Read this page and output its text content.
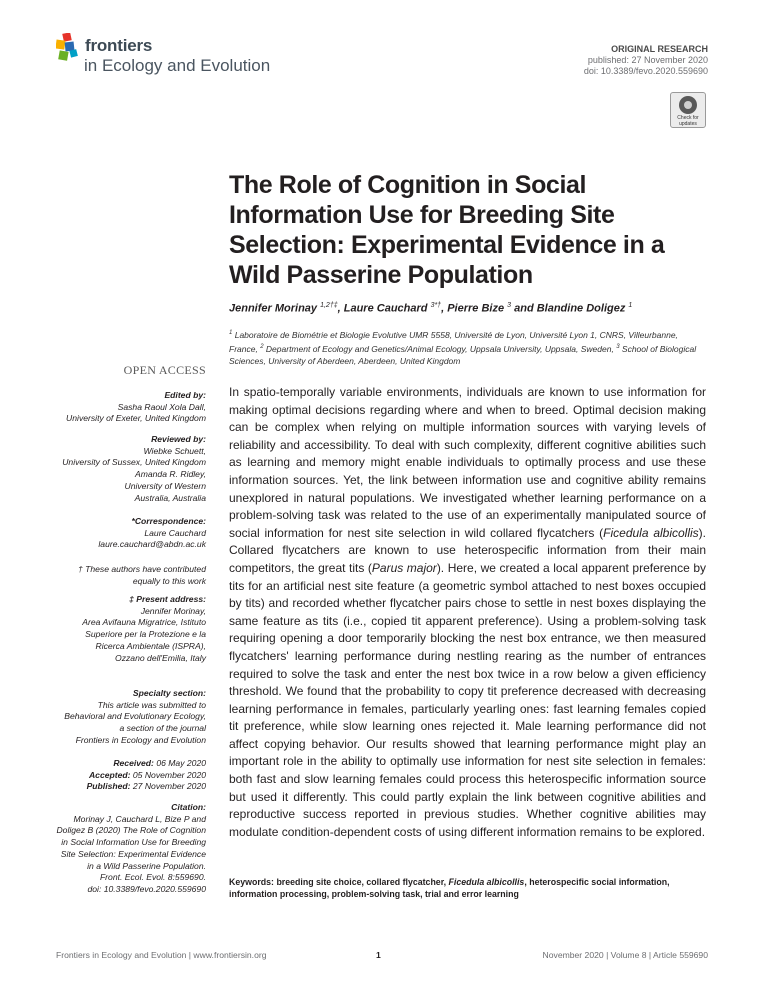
frontiers
in Ecology and Evolution
ORIGINAL RESEARCH
published: 27 November 2020
doi: 10.3389/fevo.2020.559690
Check for updates
The Role of Cognition in Social Information Use for Breeding Site Selection: Experimental Evidence in a Wild Passerine Population
Jennifer Morinay $^{1,2\dagger\ddagger}$, Laure Cauchard $^{3*\dagger}$, Pierre Bize $^3$ and Blandine Doligez $^1$
$^1$ Laboratoire de Biométrie et Biologie Evolutive UMR 5558, Université de Lyon, Université Lyon 1, CNRS, Villeurbanne, France, $^2$ Department of Ecology and Genetics/Animal Ecology, Uppsala University, Uppsala, Sweden, $^3$ School of Biological Sciences, University of Aberdeen, Aberdeen, United Kingdom
OPEN ACCESS
Edited by:
Sasha Raoul Xola Dall,
University of Exeter, United Kingdom
Reviewed by:
Wiebke Schuett,
University of Sussex, United Kingdom
Amanda R. Ridley,
University of Western
Australia, Australia
*Correspondence:
Laure Cauchard
laure.cauchard@abdn.ac.uk
† These authors have contributed
equally to this work
‡ Present address:
Jennifer Morinay,
Area Avifauna Migratrice, Istituto
Superiore per la Protezione e la
Ricerca Ambientale (ISPRA),
Ozzano dell'Emilia, Italy
Specialty section:
This article was submitted to
Behavioral and Evolutionary Ecology,
a section of the journal
Frontiers in Ecology and Evolution
Received: 06 May 2020
Accepted: 05 November 2020
Published: 27 November 2020
Citation:
Morinay J, Cauchard L, Bize P and
Doligez B (2020) The Role of Cognition
in Social Information Use for Breeding
Site Selection: Experimental Evidence
in a Wild Passerine Population.
Front. Ecol. Evol. 8:559690.
doi: 10.3389/fevo.2020.559690
In spatio-temporally variable environments, individuals are known to use information for making optimal decisions regarding where and when to breed. Optimal decision making can be complex when relying on multiple information sources with varying levels of reliability and accessibility. To deal with such complexity, different cognitive abilities such as learning and memory might enable individuals to optimally process and use these information sources. Yet, the link between information use and cognitive ability remains unexplored in natural populations. We investigated whether learning performance on a problem-solving task was related to the use of an experimentally manipulated source of social information for nest site selection in wild collared flycatchers (Ficedula albicollis). Collared flycatchers are known to use heterospecific information from their main competitors, the great tits (Parus major). Here, we created a local apparent preference by tits for an artificial nest site feature (a geometric symbol attached to nest boxes occupied by tits) and recorded whether flycatcher pairs chose to settle in nest boxes displaying the same feature as tits (i.e., copied tit apparent preference). Using a problem-solving task requiring opening a door temporarily blocking the nest box entrance, we then measured flycatchers' learning performance during nestling rearing as the number of entrances required to solve the task and enter the nest box twice in a row below a given efficiency threshold. We found that the probability to copy tit preference decreased with decreasing learning performance in females, particularly yearling ones: fast learning females copied tit preference, while slow learning ones rejected it. Male learning performance did not affect copying behavior. Our results showed that learning performance might play an important role in the ability to optimally use information for nest site selection in females: both fast and slow learning females could process this heterospecific information source but used it differently. This could partly explain the link between cognitive abilities and reproductive success reported in previous studies. Whether cognitive abilities may modulate condition-dependent costs of using different information remains to be explored.
Keywords: breeding site choice, collared flycatcher, Ficedula albicollis, heterospecific social information, information processing, problem-solving task, trial and error learning
Frontiers in Ecology and Evolution | www.frontiersin.org	1	November 2020 | Volume 8 | Article 559690
